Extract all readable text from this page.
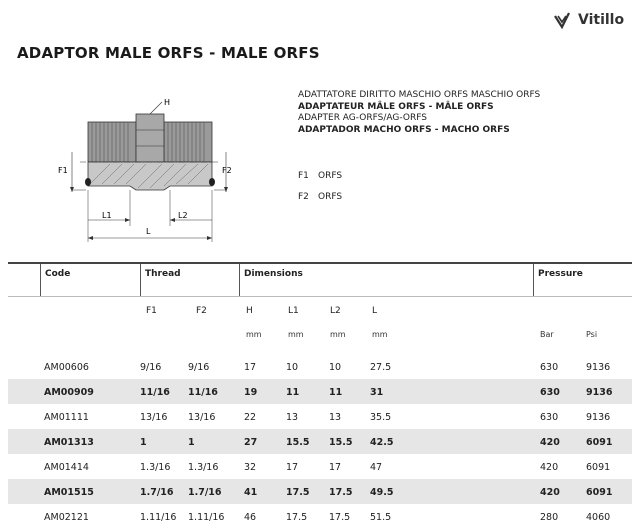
Vitillo
ADAPTOR MALE ORFS - MALE ORFS
H
F1	F2
L1	L2
L
ADATTATORE DIRITTO MASCHIO ORFS MASCHIO ORFS
ADAPTATEUR MÂLE ORFS - MÂLE ORFS
ADAPTER AG-ORFS/AG-ORFS
ADAPTADOR MACHO ORFS - MACHO ORFS
F1 ORFS
F2 ORFS
Code	Thread	Dimensions	Pressure
F1	F2	H	L1	L2	L
mm	mm	mm	mm	Bar	Psi
AM00606	9/16	9/16	17	10	10	27.5	630	9136
AM00909	11/16 11/16	19	11	11	31	630	9136
AM01111	13/16 13/16	22	13	13	35.5	630	9136
AM01313	1	1	27	15.5 15.5 42.5	420	6091
AM01414	1.3/16 1.3/16	32	17	17	47	420	6091
AM01515	1.7/16 1.7/16 41	17.5 17.5 49.5	420	6091
AM02121	1.11/16 1.11/16 46	17.5 17.5 51.5	280	4060
